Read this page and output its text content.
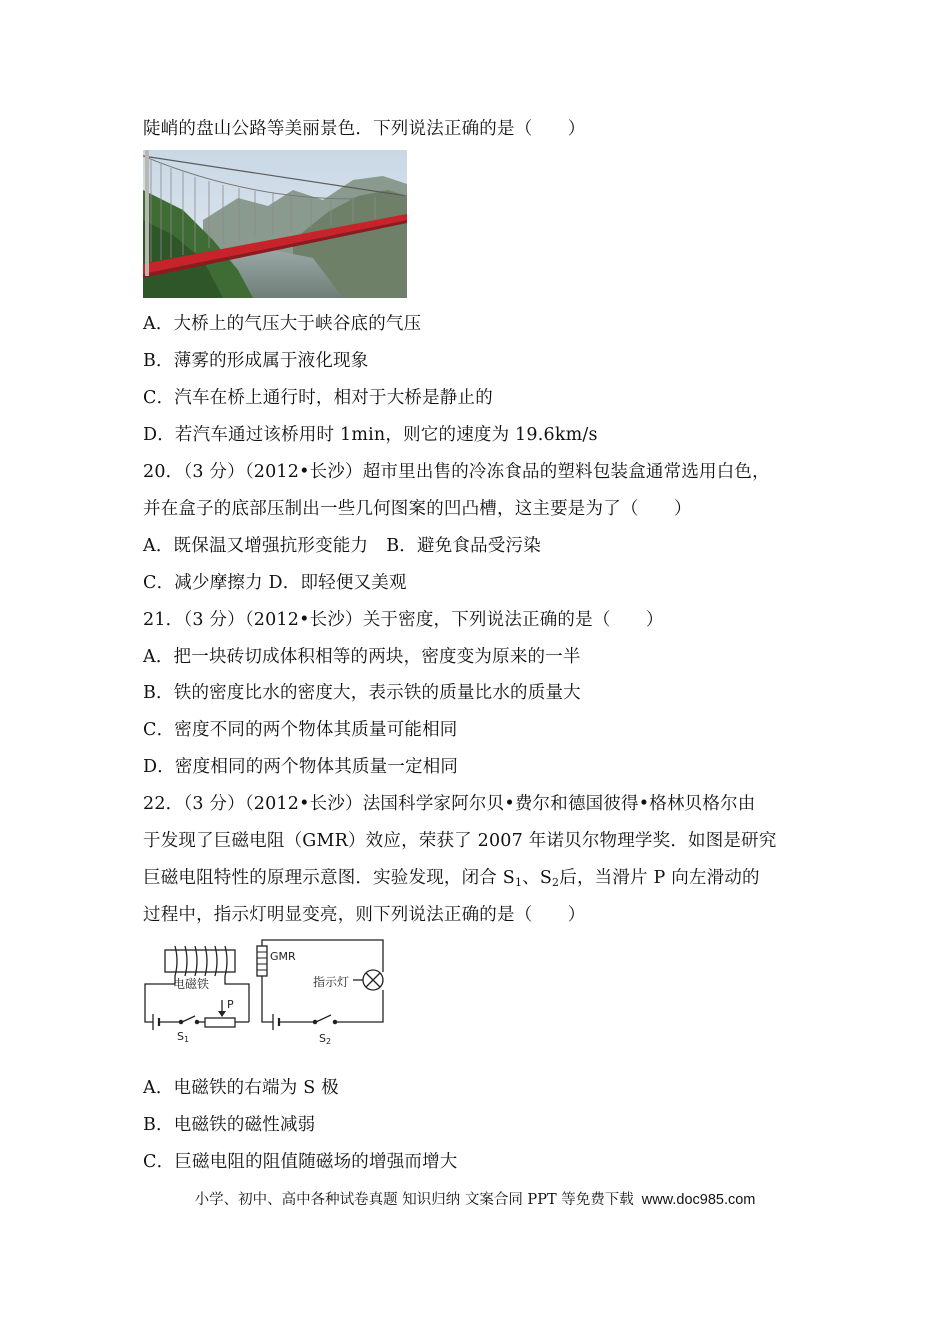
陡峭的盘山公路等美丽景色．下列说法正确的是（　　）
A．大桥上的气压大于峡谷底的气压
B．薄雾的形成属于液化现象
C．汽车在桥上通行时，相对于大桥是静止的
D．若汽车通过该桥用时 1min，则它的速度为 19.6km/s
20．（3 分）（2012•长沙）超市里出售的冷冻食品的塑料包装盒通常选用白色，
并在盒子的底部压制出一些几何图案的凹凸槽，这主要是为了（　　）
A．既保温又增强抗形变能力 B．避免食品受污染
C．减少摩擦力 D．即轻便又美观
21．（3 分）（2012•长沙）关于密度，下列说法正确的是（　　）
A．把一块砖切成体积相等的两块，密度变为原来的一半
B．铁的密度比水的密度大，表示铁的质量比水的质量大
C．密度不同的两个物体其质量可能相同
D．密度相同的两个物体其质量一定相同
22．（3 分）（2012•长沙）法国科学家阿尔贝•费尔和德国彼得•格林贝格尔由
于发现了巨磁电阻（GMR）效应，荣获了 2007 年诺贝尔物理学奖．如图是研究
巨磁电阻特性的原理示意图．实验发现，闭合 $S_1$、$S_2$后，当滑片 P 向左滑动的
过程中，指示灯明显变亮，则下列说法正确的是（　　）
电磁铁
GMR
指示灯
P
S1	S2
A．电磁铁的右端为 S 极
B．电磁铁的磁性减弱
C．巨磁电阻的阻值随磁场的增强而增大
小学、初中、高中各种试卷真题 知识归纳 文案合同 PPT 等免费下载 www.doc985.com
